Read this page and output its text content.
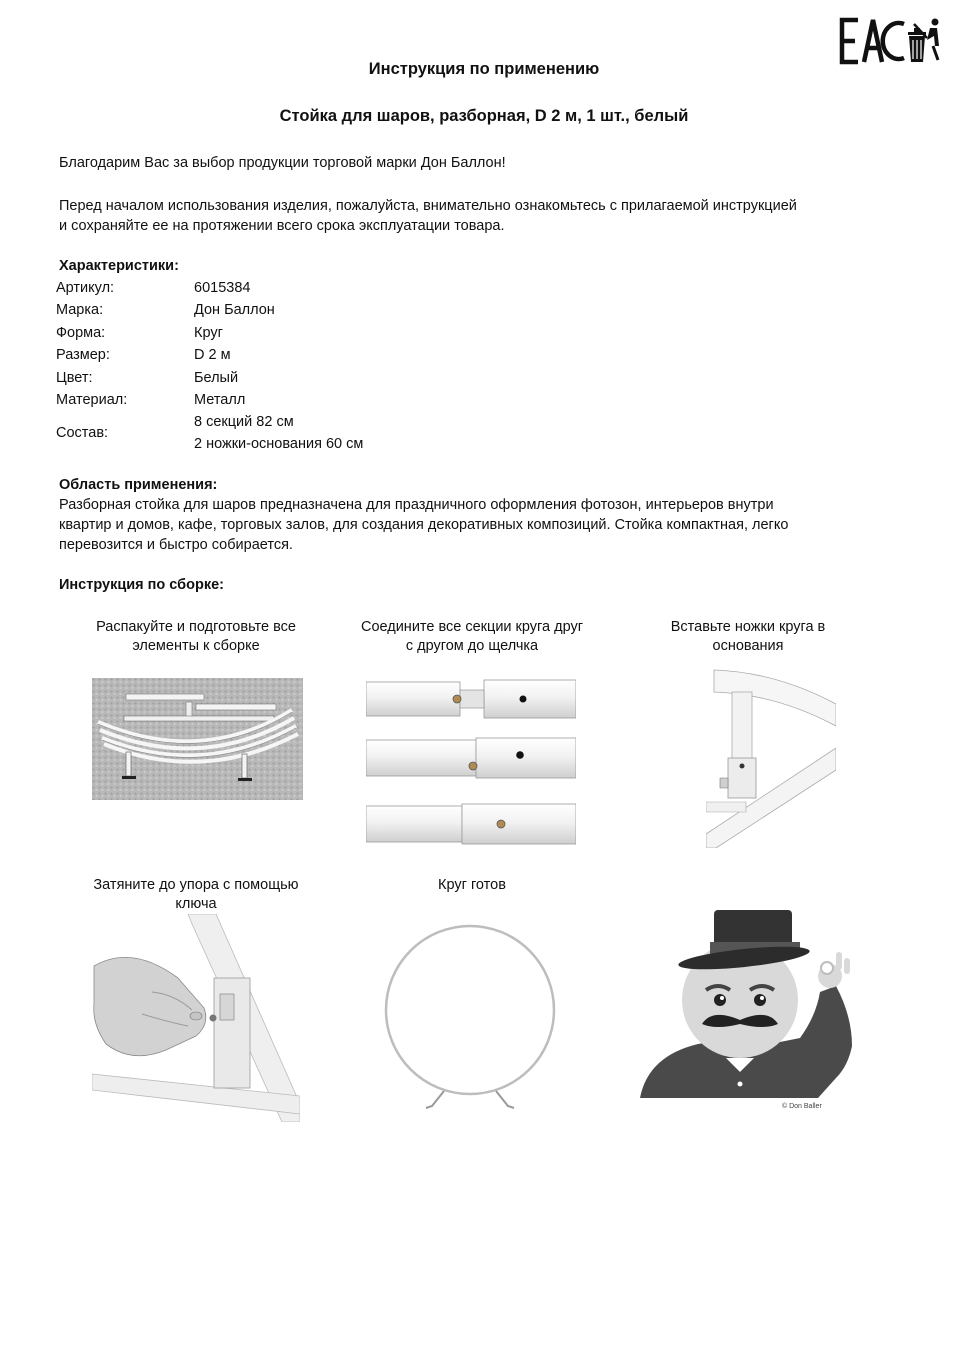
Инструкция по применению
Стойка для шаров, разборная, D 2 м, 1 шт., белый
Благодарим Вас за выбор продукции торговой марки Дон Баллон!
Перед началом использования изделия, пожалуйста, внимательно ознакомьтесь с прилагаемой инструкцией
и сохраняйте ее на протяжении всего срока эксплуатации товара.
Характеристики:
Артикул:	6015384
Марка:	Дон Баллон
Форма:	Круг
Размер:	D 2 м
Цвет:	Белый
Материал:	Металл
Состав:
8 секций 82 см
2 ножки-основания 60 см
Область применения:
Разборная стойка для шаров предназначена для праздничного оформления фотозон, интерьеров внутри
квартир и домов, кафе, торговых залов, для создания декоративных композиций. Стойка компактная, легко
перевозится и быстро собирается.
Инструкция по сборке:
Распакуйте и подготовьте все
элементы к сборке
Соедините все секции круга друг
с другом до щелчка
Вставьте ножки круга в
основания
Затяните до упора с помощью
ключа
Круг готов
© Don Baller
